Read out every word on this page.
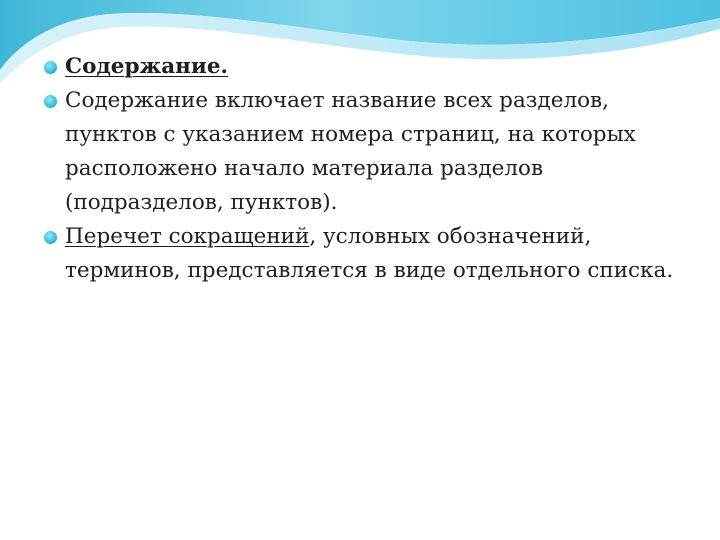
Содержание.
Содержание включает название всех разделов, пунктов с указанием номера страниц, на которых расположено начало материала разделов (подразделов, пунктов).
Перечет сокращений, условных обозначений, терминов, представляется в виде отдельного списка.
